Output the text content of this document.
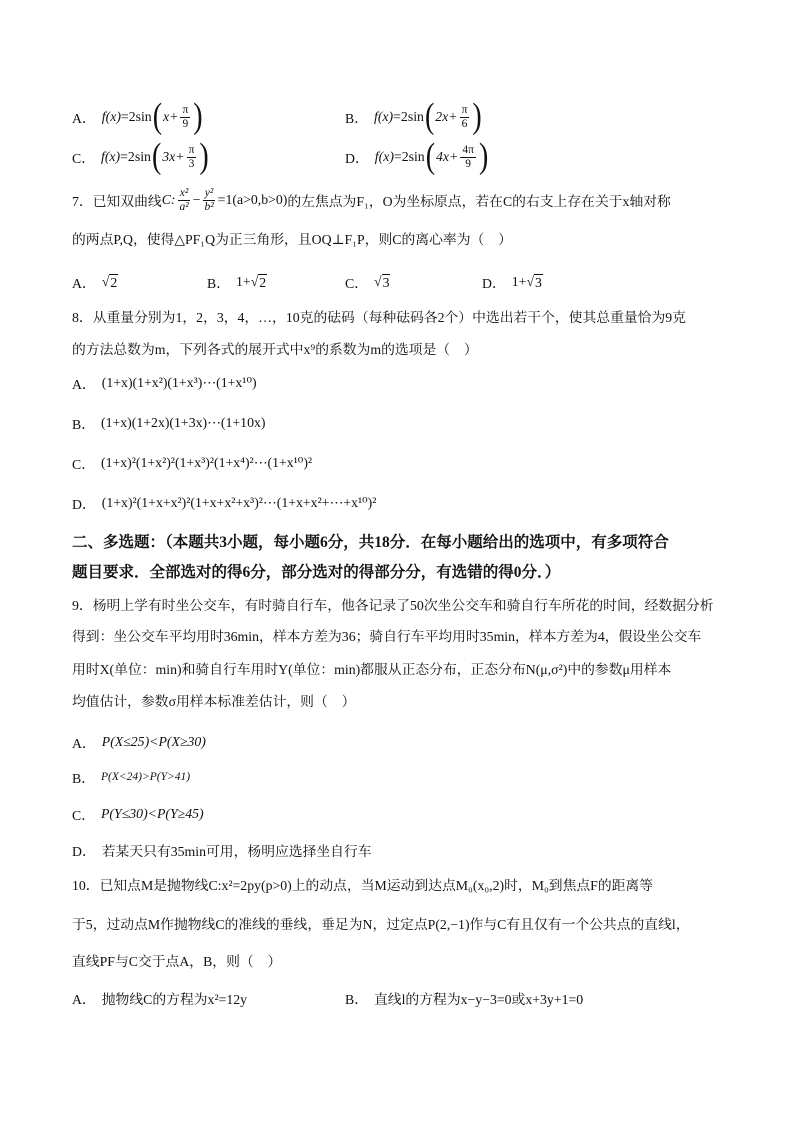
A． f(x) =2sin ( $x+ \frac{\pi}{9}$ )	B． f(x) =2sin ( $2x+ \frac{\pi}{6}$ )
C． f(x) =2sin ( $3x+ \frac{\pi}{3}$ )	D． f(x) =2sin ( $4x+ \frac{4\pi}{9}$ )
7．已知双曲线 C: $\frac{\text{x²}}{\text{a²}} - \frac{\text{y²}}{\text{b²}} =1(a>0,b>0)$ 的左焦点为F₁，O为坐标原点，若在C的右支上存在关于x轴对称
的两点P,Q，使得△PF₁Q为正三角形，且OQ⊥F₁P，则C的离心率为（　）
A． √ 2	B． 1+ √ 2	C． √ 3	D． 1+ √ 3
8．从重量分别为1，2，3，4，…，10克的砝码（每种砝码各2个）中选出若干个，使其总重量恰为9克
的方法总数为m，下列各式的展开式中x⁹的系数为m的选项是（　）
A． (1+x)(1+x²)(1+x³)⋯(1+x¹⁰)
B． (1+x)(1+2x)(1+3x)⋯(1+10x)
C． (1+x)²(1+x²)²(1+x³)²(1+x⁴)²⋯(1+x¹⁰)²
D． (1+x)²(1+x+x²)²(1+x+x²+x³)²⋯(1+x+x²+⋯+x¹⁰)²
二、多选题：（本题共3小题，每小题6分，共18分．在每小题给出的选项中，有多项符合
题目要求．全部选对的得6分，部分选对的得部分分，有选错的得0分．）
9．杨明上学有时坐公交车，有时骑自行车，他各记录了50次坐公交车和骑自行车所花的时间，经数据分析
得到：坐公交车平均用时36min，样本方差为36；骑自行车平均用时35min，样本方差为4，假设坐公交车
用时X(单位：min)和骑自行车用时Y(单位：min)都服从正态分布，正态分布N(μ,σ²)中的参数μ用样本
均值估计，参数σ用样本标准差估计，则（　）
A． P(X≤25)<P(X≥30)
B． P(X<24)>P(Y>41)
C． P(Y≤30)<P(Y≥45)
D． 若某天只有35min可用，杨明应选择坐自行车
10．已知点M是抛物线C:x²=2py(p>0)上的动点，当M运动到达点M₀(x₀,2)时，M₀到焦点F的距离等
于5，过动点M作抛物线C的准线的垂线，垂足为N，过定点P(2,−1)作与C有且仅有一个公共点的直线l，
直线PF与C交于点A，B，则（　）
A． 抛物线C的方程为x²=12y	B． 直线l的方程为x−y−3=0或x+3y+1=0
